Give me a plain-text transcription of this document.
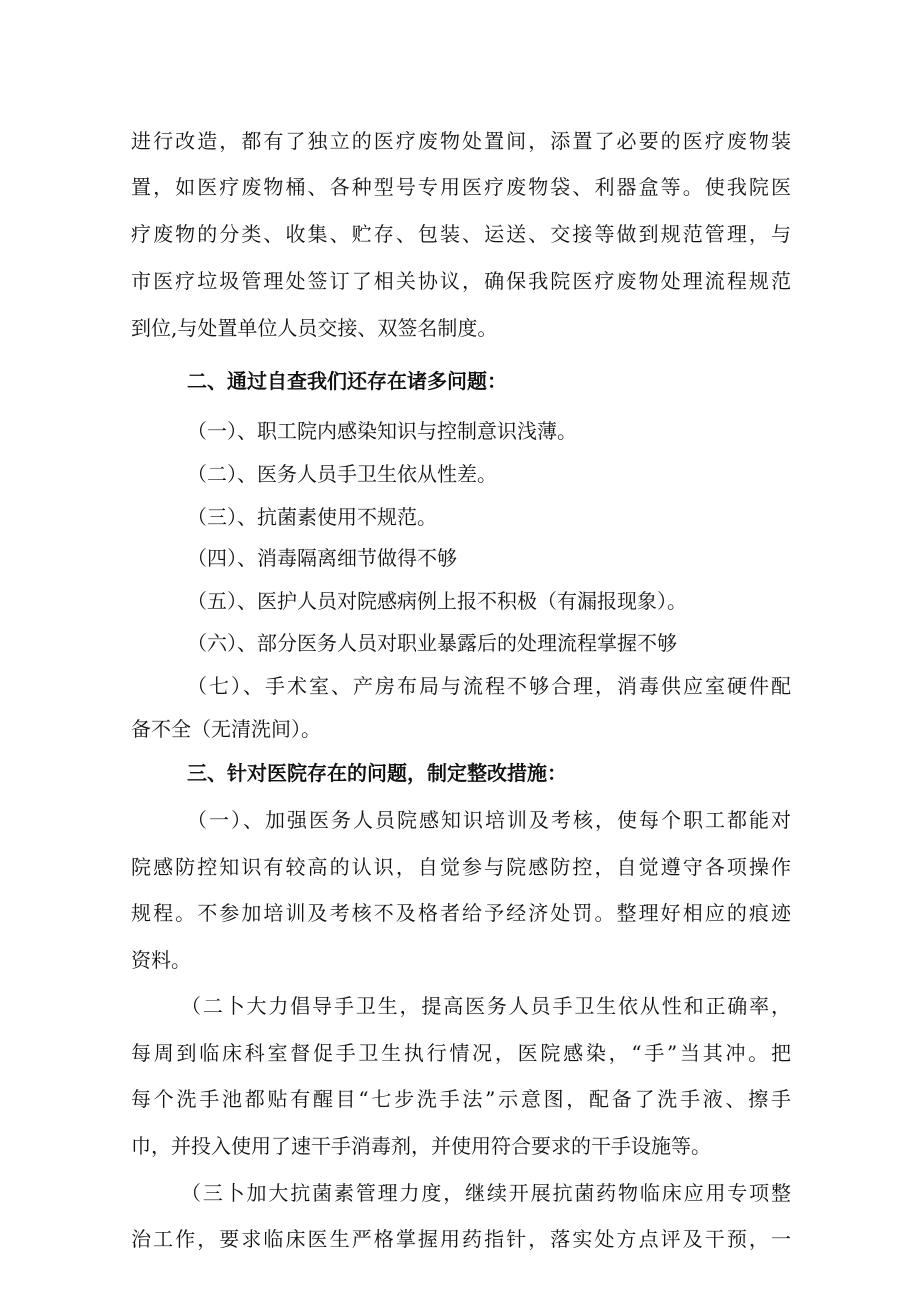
进行改造，都有了独立的医疗废物处置间，添置了必要的医疗废物装
置，如医疗废物桶、各种型号专用医疗废物袋、利器盒等。使我院医
疗废物的分类、收集、贮存、包装、运送、交接等做到规范管理，与
市医疗垃圾管理处签订了相关协议，确保我院医疗废物处理流程规范
到位,与处置单位人员交接、双签名制度。
二、通过自查我们还存在诸多问题：
（一）、职工院内感染知识与控制意识浅薄。
（二）、医务人员手卫生依从性差。
（三）、抗菌素使用不规范。
（四）、消毒隔离细节做得不够
（五）、医护人员对院感病例上报不积极（有漏报现象）。
（六）、部分医务人员对职业暴露后的处理流程掌握不够
（七）、手术室、产房布局与流程不够合理，消毒供应室硬件配
备不全（无清洗间）。
三、针对医院存在的问题，制定整改措施：
（一）、加强医务人员院感知识培训及考核，使每个职工都能对
院感防控知识有较高的认识，自觉参与院感防控，自觉遵守各项操作
规程。不参加培训及考核不及格者给予经济处罚。整理好相应的痕迹
资料。
（二卜大力倡导手卫生，提高医务人员手卫生依从性和正确率，
每周到临床科室督促手卫生执行情况，医院感染，“手”当其冲。把
每个洗手池都贴有醒目“七步洗手法”示意图，配备了洗手液、擦手
巾，并投入使用了速干手消毒剂，并使用符合要求的干手设施等。
（三卜加大抗菌素管理力度，继续开展抗菌药物临床应用专项整
治工作，要求临床医生严格掌握用药指针，落实处方点评及干预，一
